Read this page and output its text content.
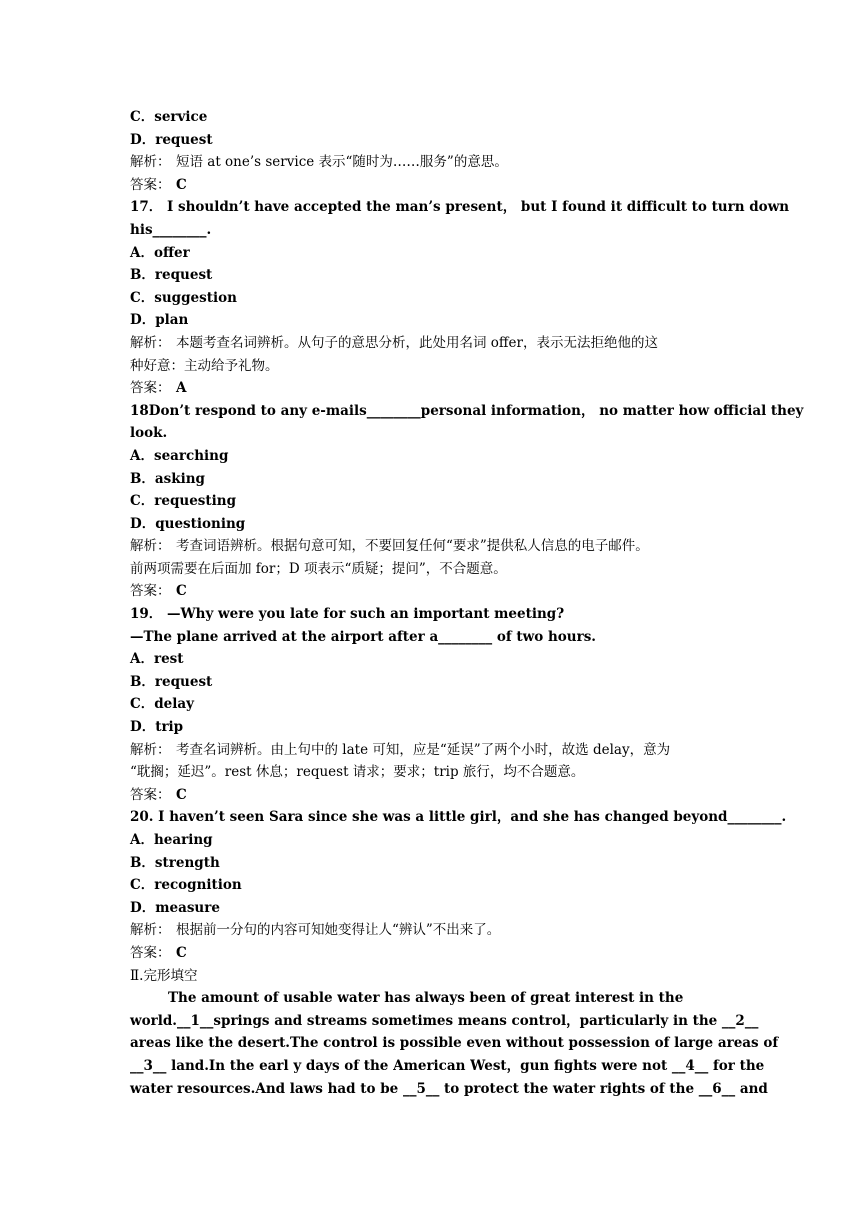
C．service
D．request
解析： 短语 at one’s service 表示“随时为……服务”的意思。
答案： C
17． I shouldn’t have accepted the man’s present， but I found it difficult to turn down
his________.
A．offer
B．request
C．suggestion
D．plan
解析： 本题考查名词辨析。从句子的意思分析，此处用名词 offer，表示无法拒绝他的这
种好意：主动给予礼物。
答案： A
18Don’t respond to any e-mails________personal information， no matter how official they
look.
A．searching
B．asking
C．requesting
D．questioning
解析： 考查词语辨析。根据句意可知，不要回复任何“要求”提供私人信息的电子邮件。
前两项需要在后面加 for；D 项表示“质疑；提问”，不合题意。
答案： C
19． —Why were you late for such an important meeting?
—The plane arrived at the airport after a________ of two hours.
A．rest
B．request
C．delay
D．trip
解析： 考查名词辨析。由上句中的 late 可知，应是“延误”了两个小时，故选 delay，意为
“耽搁；延迟”。rest 休息；request 请求；要求；trip 旅行，均不合题意。
答案： C
20. I haven’t seen Sara since she was a little girl，and she has changed beyond________.
A．hearing
B．strength
C．recognition
D．measure
解析： 根据前一分句的内容可知她变得让人“辨认”不出来了。
答案： C
Ⅱ.完形填空
The amount of usable water has always been of great interest in the
world.__1__springs and streams sometimes means control，particularly in the __2__
areas like the desert.The control is possible even without possession of large areas of
__3__ land.In the earl y days of the American West，gun fights were not __4__ for the
water resources.And laws had to be __5__ to protect the water rights of the __6__ and
